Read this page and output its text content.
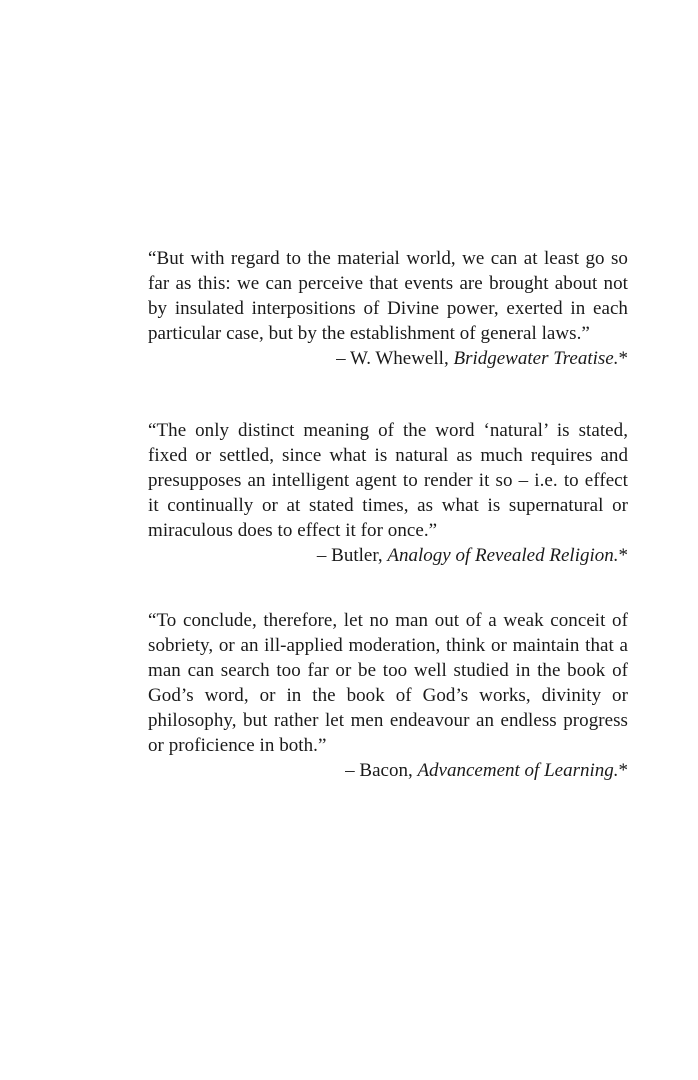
“But with regard to the material world, we can at least go so far as this: we can perceive that events are brought about not by insulated interpositions of Divine power, exerted in each particular case, but by the establishment of general laws.”

– W. Whewell, Bridgewater Treatise.*

“The only distinct meaning of the word ‘natural’ is stated, fixed or settled, since what is natural as much requires and presupposes an intelligent agent to render it so – i.e. to effect it continually or at stated times, as what is supernatural or miraculous does to effect it for once.”

– Butler, Analogy of Revealed Religion.*

“To conclude, therefore, let no man out of a weak conceit of sobriety, or an ill-applied moderation, think or maintain that a man can search too far or be too well studied in the book of God’s word, or in the book of God’s works, divinity or philosophy, but rather let men endeavour an endless progress or proficience in both.”

– Bacon, Advancement of Learning.*
